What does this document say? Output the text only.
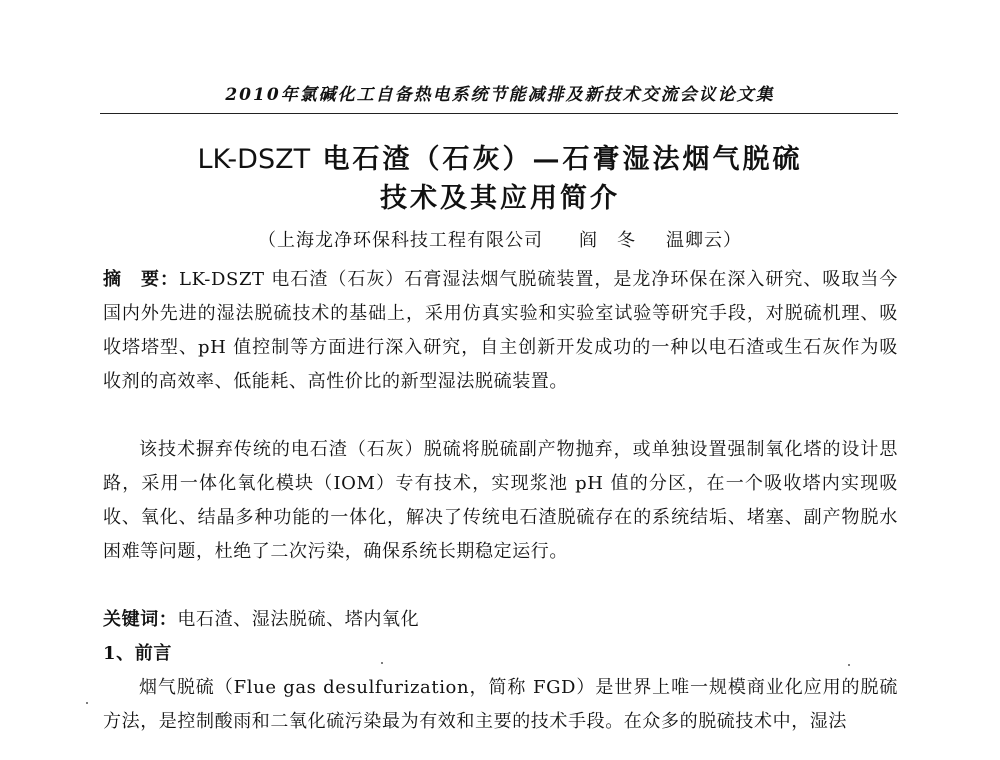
2010年氯碱化工自备热电系统节能减排及新技术交流会议论文集
LK-DSZT 电石渣（石灰）—石膏湿法烟气脱硫
技术及其应用简介
（上海龙净环保科技工程有限公司 阎　冬 温卿云）
摘　要：LK-DSZT 电石渣（石灰）石膏湿法烟气脱硫装置，是龙净环保在深入研究、吸取当今国内外先进的湿法脱硫技术的基础上，采用仿真实验和实验室试验等研究手段，对脱硫机理、吸收塔塔型、pH 值控制等方面进行深入研究，自主创新开发成功的一种以电石渣或生石灰作为吸收剂的高效率、低能耗、高性价比的新型湿法脱硫装置。
该技术摒弃传统的电石渣（石灰）脱硫将脱硫副产物抛弃，或单独设置强制氧化塔的设计思路，采用一体化氧化模块（IOM）专有技术，实现浆池 pH 值的分区，在一个吸收塔内实现吸收、氧化、结晶多种功能的一体化，解决了传统电石渣脱硫存在的系统结垢、堵塞、副产物脱水困难等问题，杜绝了二次污染，确保系统长期稳定运行。
关键词：电石渣、湿法脱硫、塔内氧化
1、前言
烟气脱硫（Flue gas desulfurization，简称 FGD）是世界上唯一规模商业化应用的脱硫方法，是控制酸雨和二氧化硫污染最为有效和主要的技术手段。在众多的脱硫技术中，湿法
